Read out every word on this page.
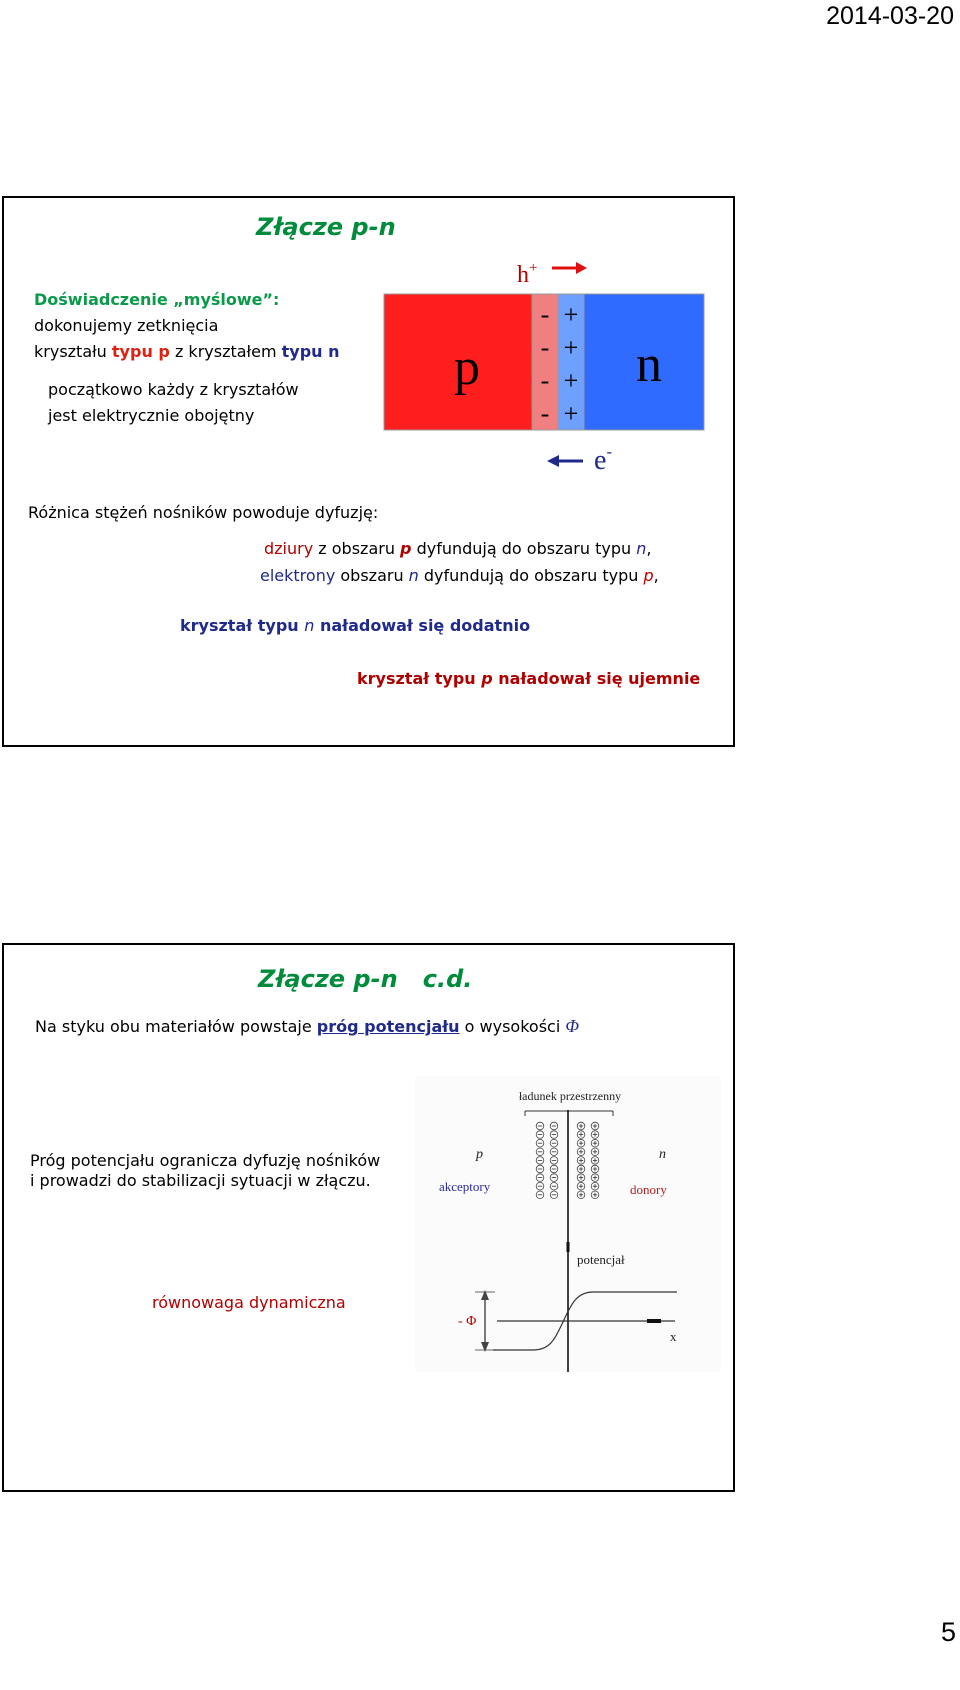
2014-03-20
5
Złącze p-n
Doświadczenie „myślowe”:
dokonujemy zetknięcia
kryształu typu p z kryształem typu n
początkowo każdy z kryształów
jest elektrycznie obojętny
p	n
-
-
-
-
+
+
+
+
h+
e-
Różnica stężeń nośników powoduje dyfuzję:
dziury z obszaru p dyfundują do obszaru typu n,
elektrony obszaru n dyfundują do obszaru typu p,
kryształ typu n naładował się dodatnio
kryształ typu p naładował się ujemnie
Złącze p-n   c.d.
Na styku obu materiałów powstaje próg potencjału o wysokości Φ
Próg potencjału ogranicza dyfuzję nośników
i prowadzi do stabilizacji sytuacji w złączu.
równowaga dynamiczna
ładunek przestrzenny
p	n
akceptory	donory
potencjał
- Φ
x
